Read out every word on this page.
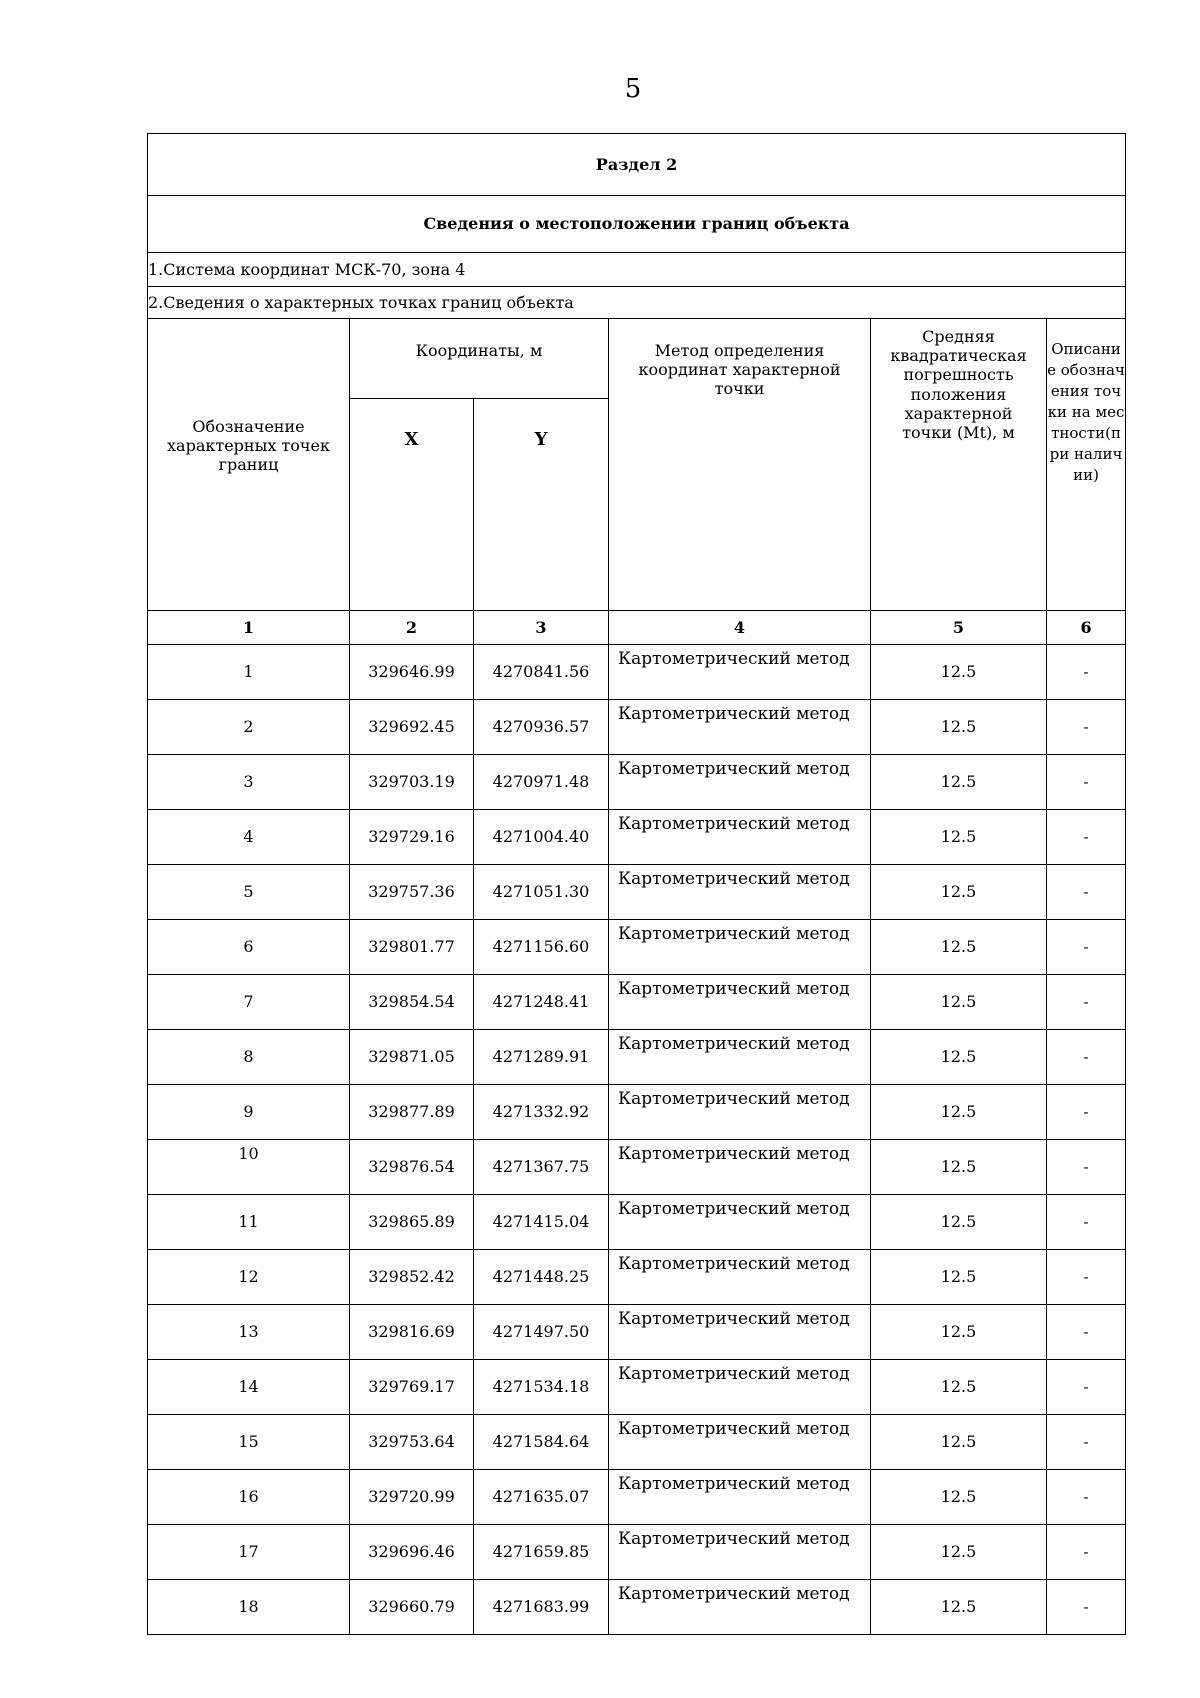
5
Раздел 2					
Сведения о местоположении границ объекта					
1.Система координат МСК-70, зона 4					
2.Сведения о характерных точках границ объекта					
Обозначение характерных точек границ	Координаты, м		Метод определения координат характерной точки	Средняя квадратическая погрешность положения характерной точки (Mt), м	Описание обозначения точки на местности(при наличии)
	X	Y			
1	2	3	4	5	6
1	329646.99	4270841.56	Картометрический метод	12.5	-
2	329692.45	4270936.57	Картометрический метод	12.5	-
3	329703.19	4270971.48	Картометрический метод	12.5	-
4	329729.16	4271004.40	Картометрический метод	12.5	-
5	329757.36	4271051.30	Картометрический метод	12.5	-
6	329801.77	4271156.60	Картометрический метод	12.5	-
7	329854.54	4271248.41	Картометрический метод	12.5	-
8	329871.05	4271289.91	Картометрический метод	12.5	-
9	329877.89	4271332.92	Картометрический метод	12.5	-
10	329876.54	4271367.75	Картометрический метод	12.5	-
11	329865.89	4271415.04	Картометрический метод	12.5	-
12	329852.42	4271448.25	Картометрический метод	12.5	-
13	329816.69	4271497.50	Картометрический метод	12.5	-
14	329769.17	4271534.18	Картометрический метод	12.5	-
15	329753.64	4271584.64	Картометрический метод	12.5	-
16	329720.99	4271635.07	Картометрический метод	12.5	-
17	329696.46	4271659.85	Картометрический метод	12.5	-
18	329660.79	4271683.99	Картометрический метод	12.5	-
